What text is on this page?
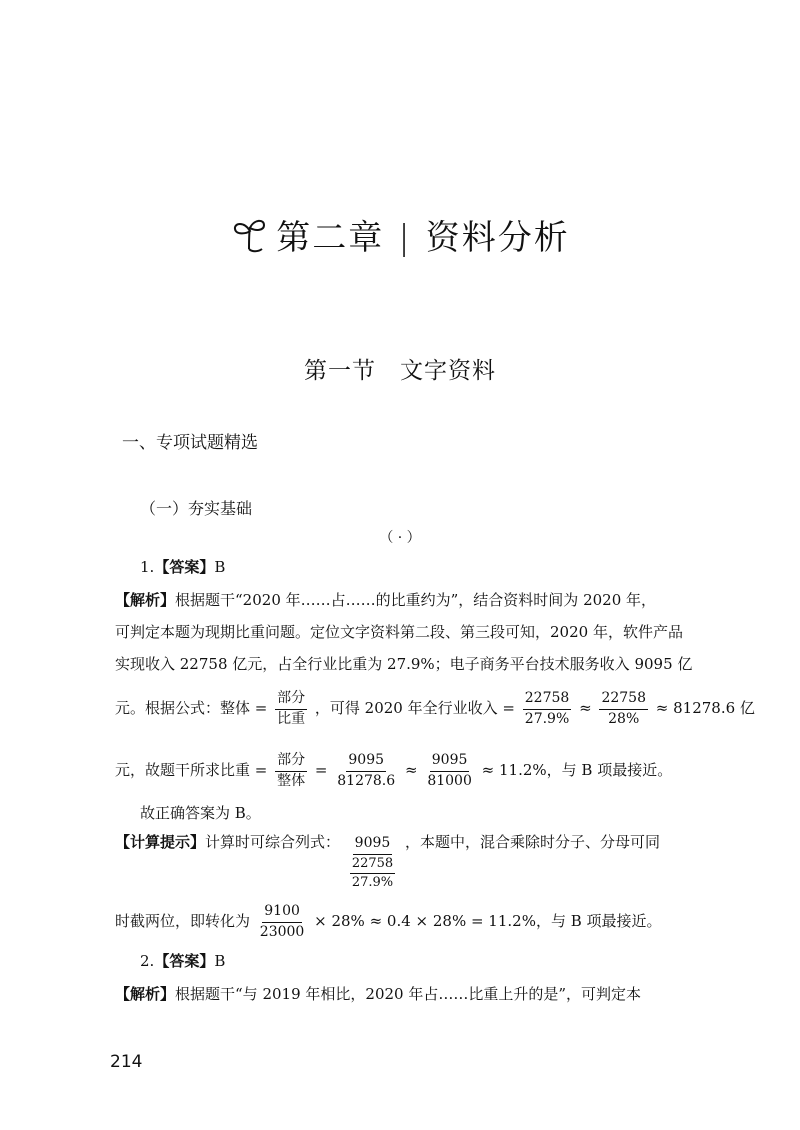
第二章 | 资料分析
第一节　文字资料
一、专项试题精选
（一）夯实基础
（ · ）
1.【答案】B
【解析】根据题干“2020 年……占……的比重约为”，结合资料时间为 2020 年，
可判定本题为现期比重问题。定位文字资料第二段、第三段可知，2020 年，软件产品
实现收入 22758 亿元，占全行业比重为 27.9%；电子商务平台技术服务收入 9095 亿
元。根据公式：整体 = $\frac{\text{部分}}{\text{比重}}$ ，可得 2020 年全行业收入 = $\frac{22758}{27.9\%} \approx \frac{22758}{28\%} \approx 81278.6$ 亿
元，故题干所求比重 = $\frac{\text{部分}}{\text{整体}} = \frac{9095}{81278.6} \approx \frac{9095}{81000} \approx 11.2\%$，与 B 项最接近。
故正确答案为 B。
【计算提示】计算时可综合列式： $\frac{9095}{\frac{22758}{27.9\%}}$ ，本题中，混合乘除时分子、分母可同
时截两位，即转化为 $\frac{9100}{23000} \times 28\% \approx 0.4 \times 28\% = 11.2\%$，与 B 项最接近。
2.【答案】B
【解析】根据题干“与 2019 年相比，2020 年占……比重上升的是”，可判定本
214
